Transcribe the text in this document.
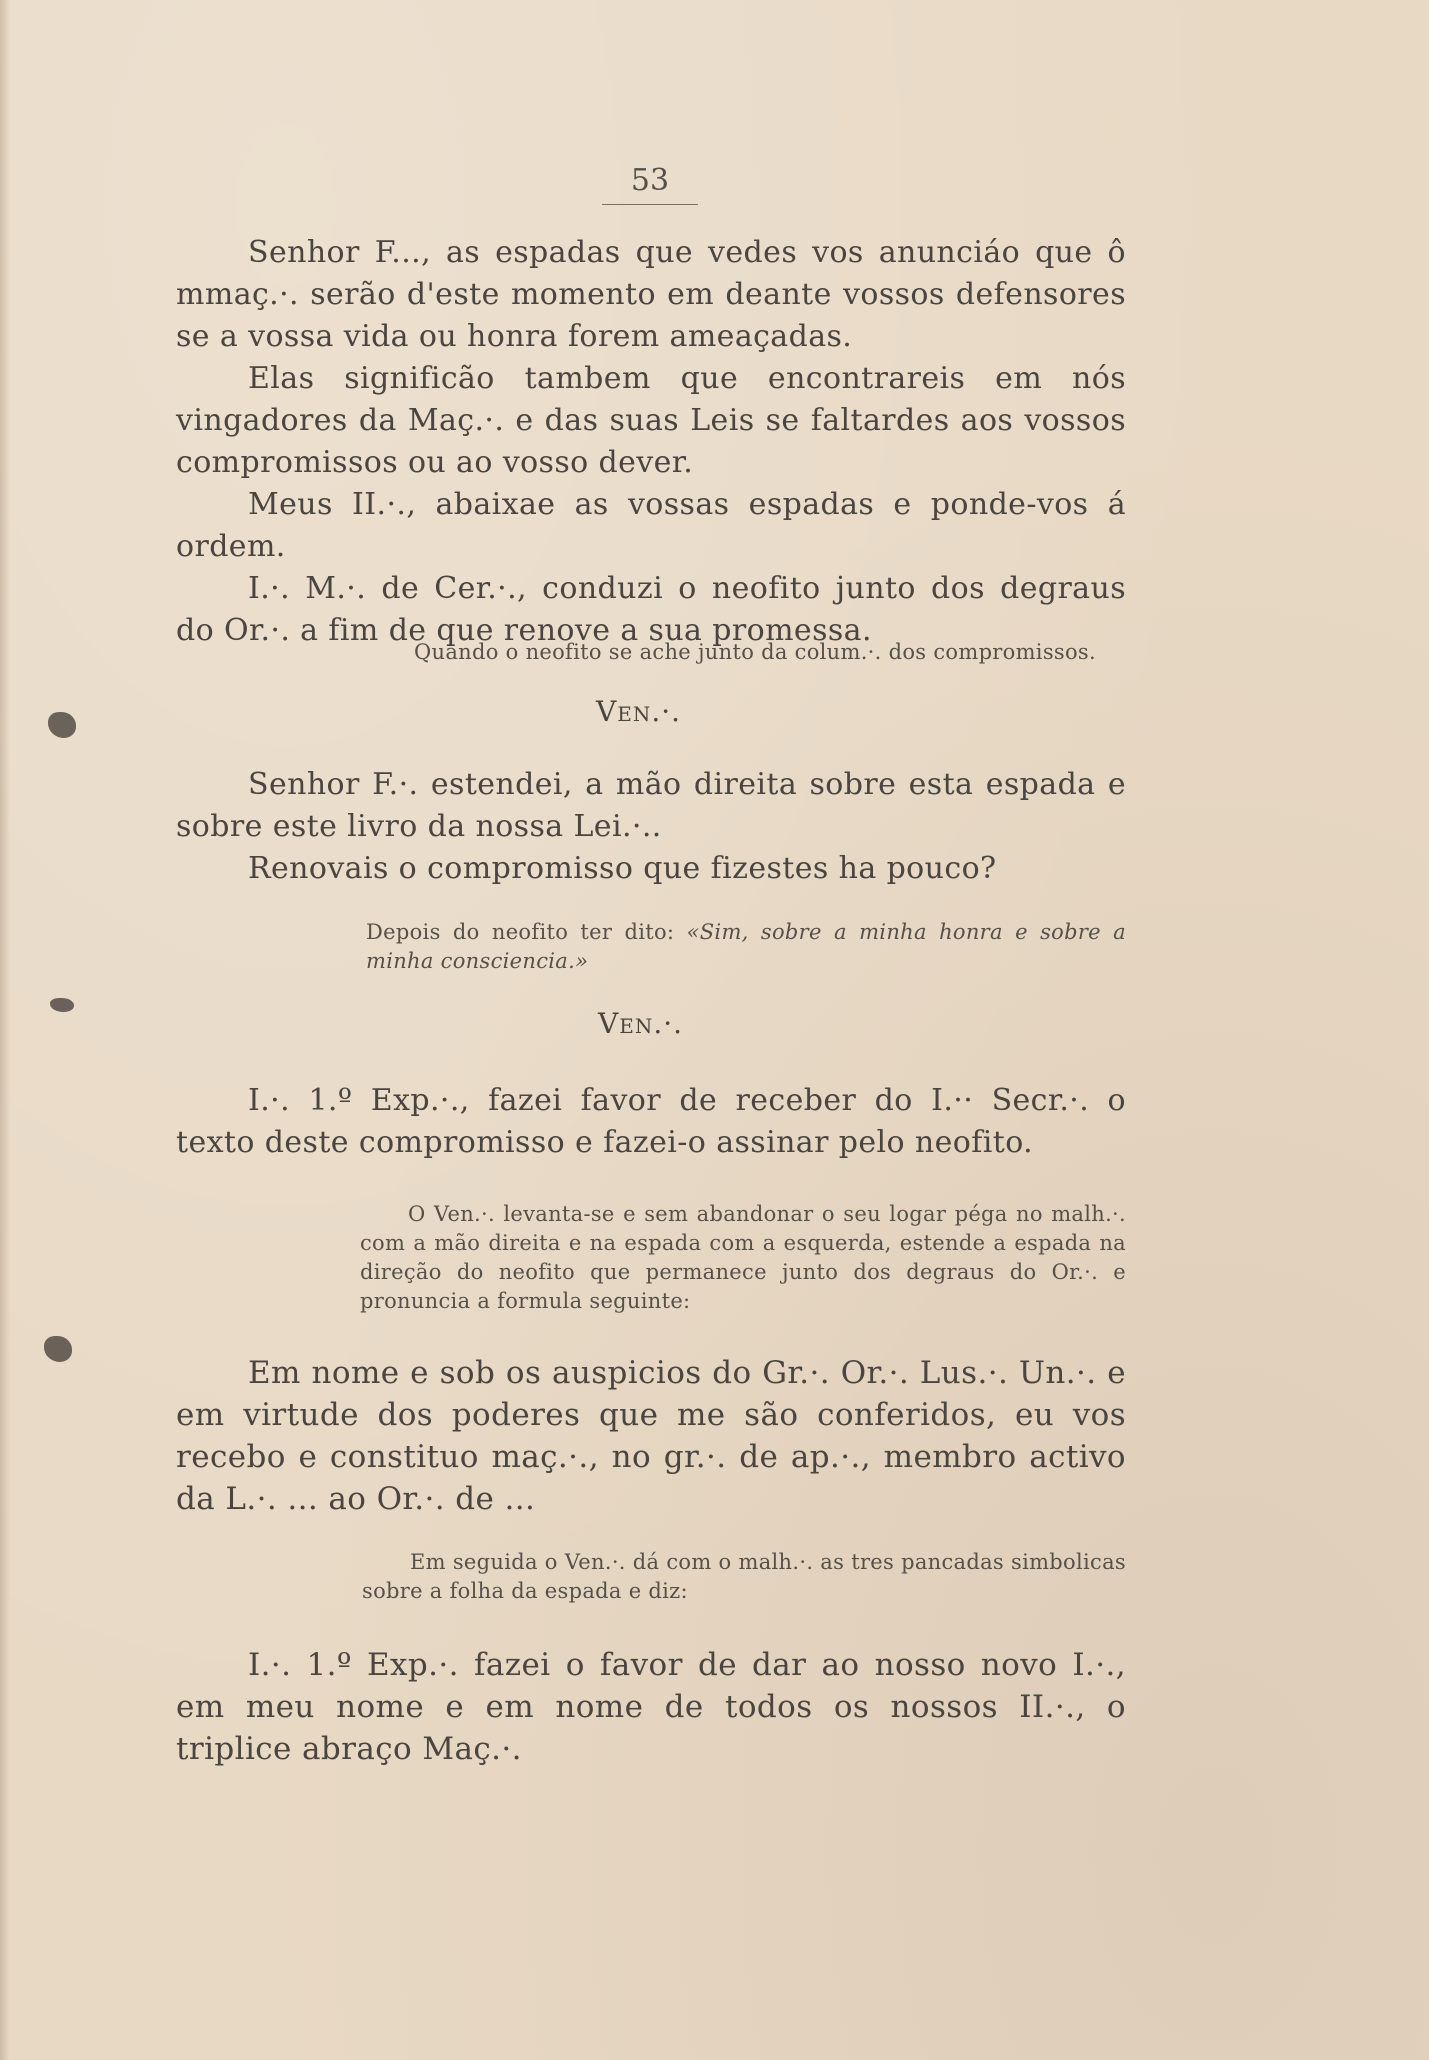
53

Senhor F..., as espadas que vedes vos anunciáo que ô mmaç.·. serão d'este momento em deante vossos defensores se a vossa vida ou honra forem ameaçadas.

Elas significão tambem que encontrareis em nós vingadores da Maç.·. e das suas Leis se faltardes aos vossos compromissos ou ao vosso dever.

Meus II.·., abaixae as vossas espadas e ponde-vos á ordem.

I.·. M.·. de Cer.·., conduzi o neofito junto dos degraus do Or.·. a fim de que renove a sua promessa.

Quando o neofito se ache junto da colum.·. dos compromissos.
Ven.·.

Senhor F.·. estendei, a mão direita sobre esta espada e sobre este livro da nossa Lei.·..

Renovais o compromisso que fizestes ha pouco?

Depois do neofito ter dito: «Sim, sobre a minha honra e sobre a minha consciencia.»

Ven.·.

I.·. 1.º Exp.·., fazei favor de receber do I.·· Secr.·. o texto deste compromisso e fazei-o assinar pelo neofito.

O Ven.·. levanta-se e sem abandonar o seu logar péga no malh.·. com a mão direita e na espada com a esquerda, estende a espada na direção do neofito que permanece junto dos degraus do Or.·. e pronuncia a formula seguinte:

Em nome e sob os auspicios do Gr.·. Or.·. Lus.·. Un.·. e em virtude dos poderes que me são conferidos, eu vos recebo e constituo maç.·., no gr.·. de ap.·., membro activo da L.·. ... ao Or.·. de ...

Em seguida o Ven.·. dá com o malh.·. as tres pancadas simbolicas sobre a folha da espada e diz:

I.·. 1.º Exp.·. fazei o favor de dar ao nosso novo I.·., em meu nome e em nome de todos os nossos II.·., o triplice abraço Maç.·.
